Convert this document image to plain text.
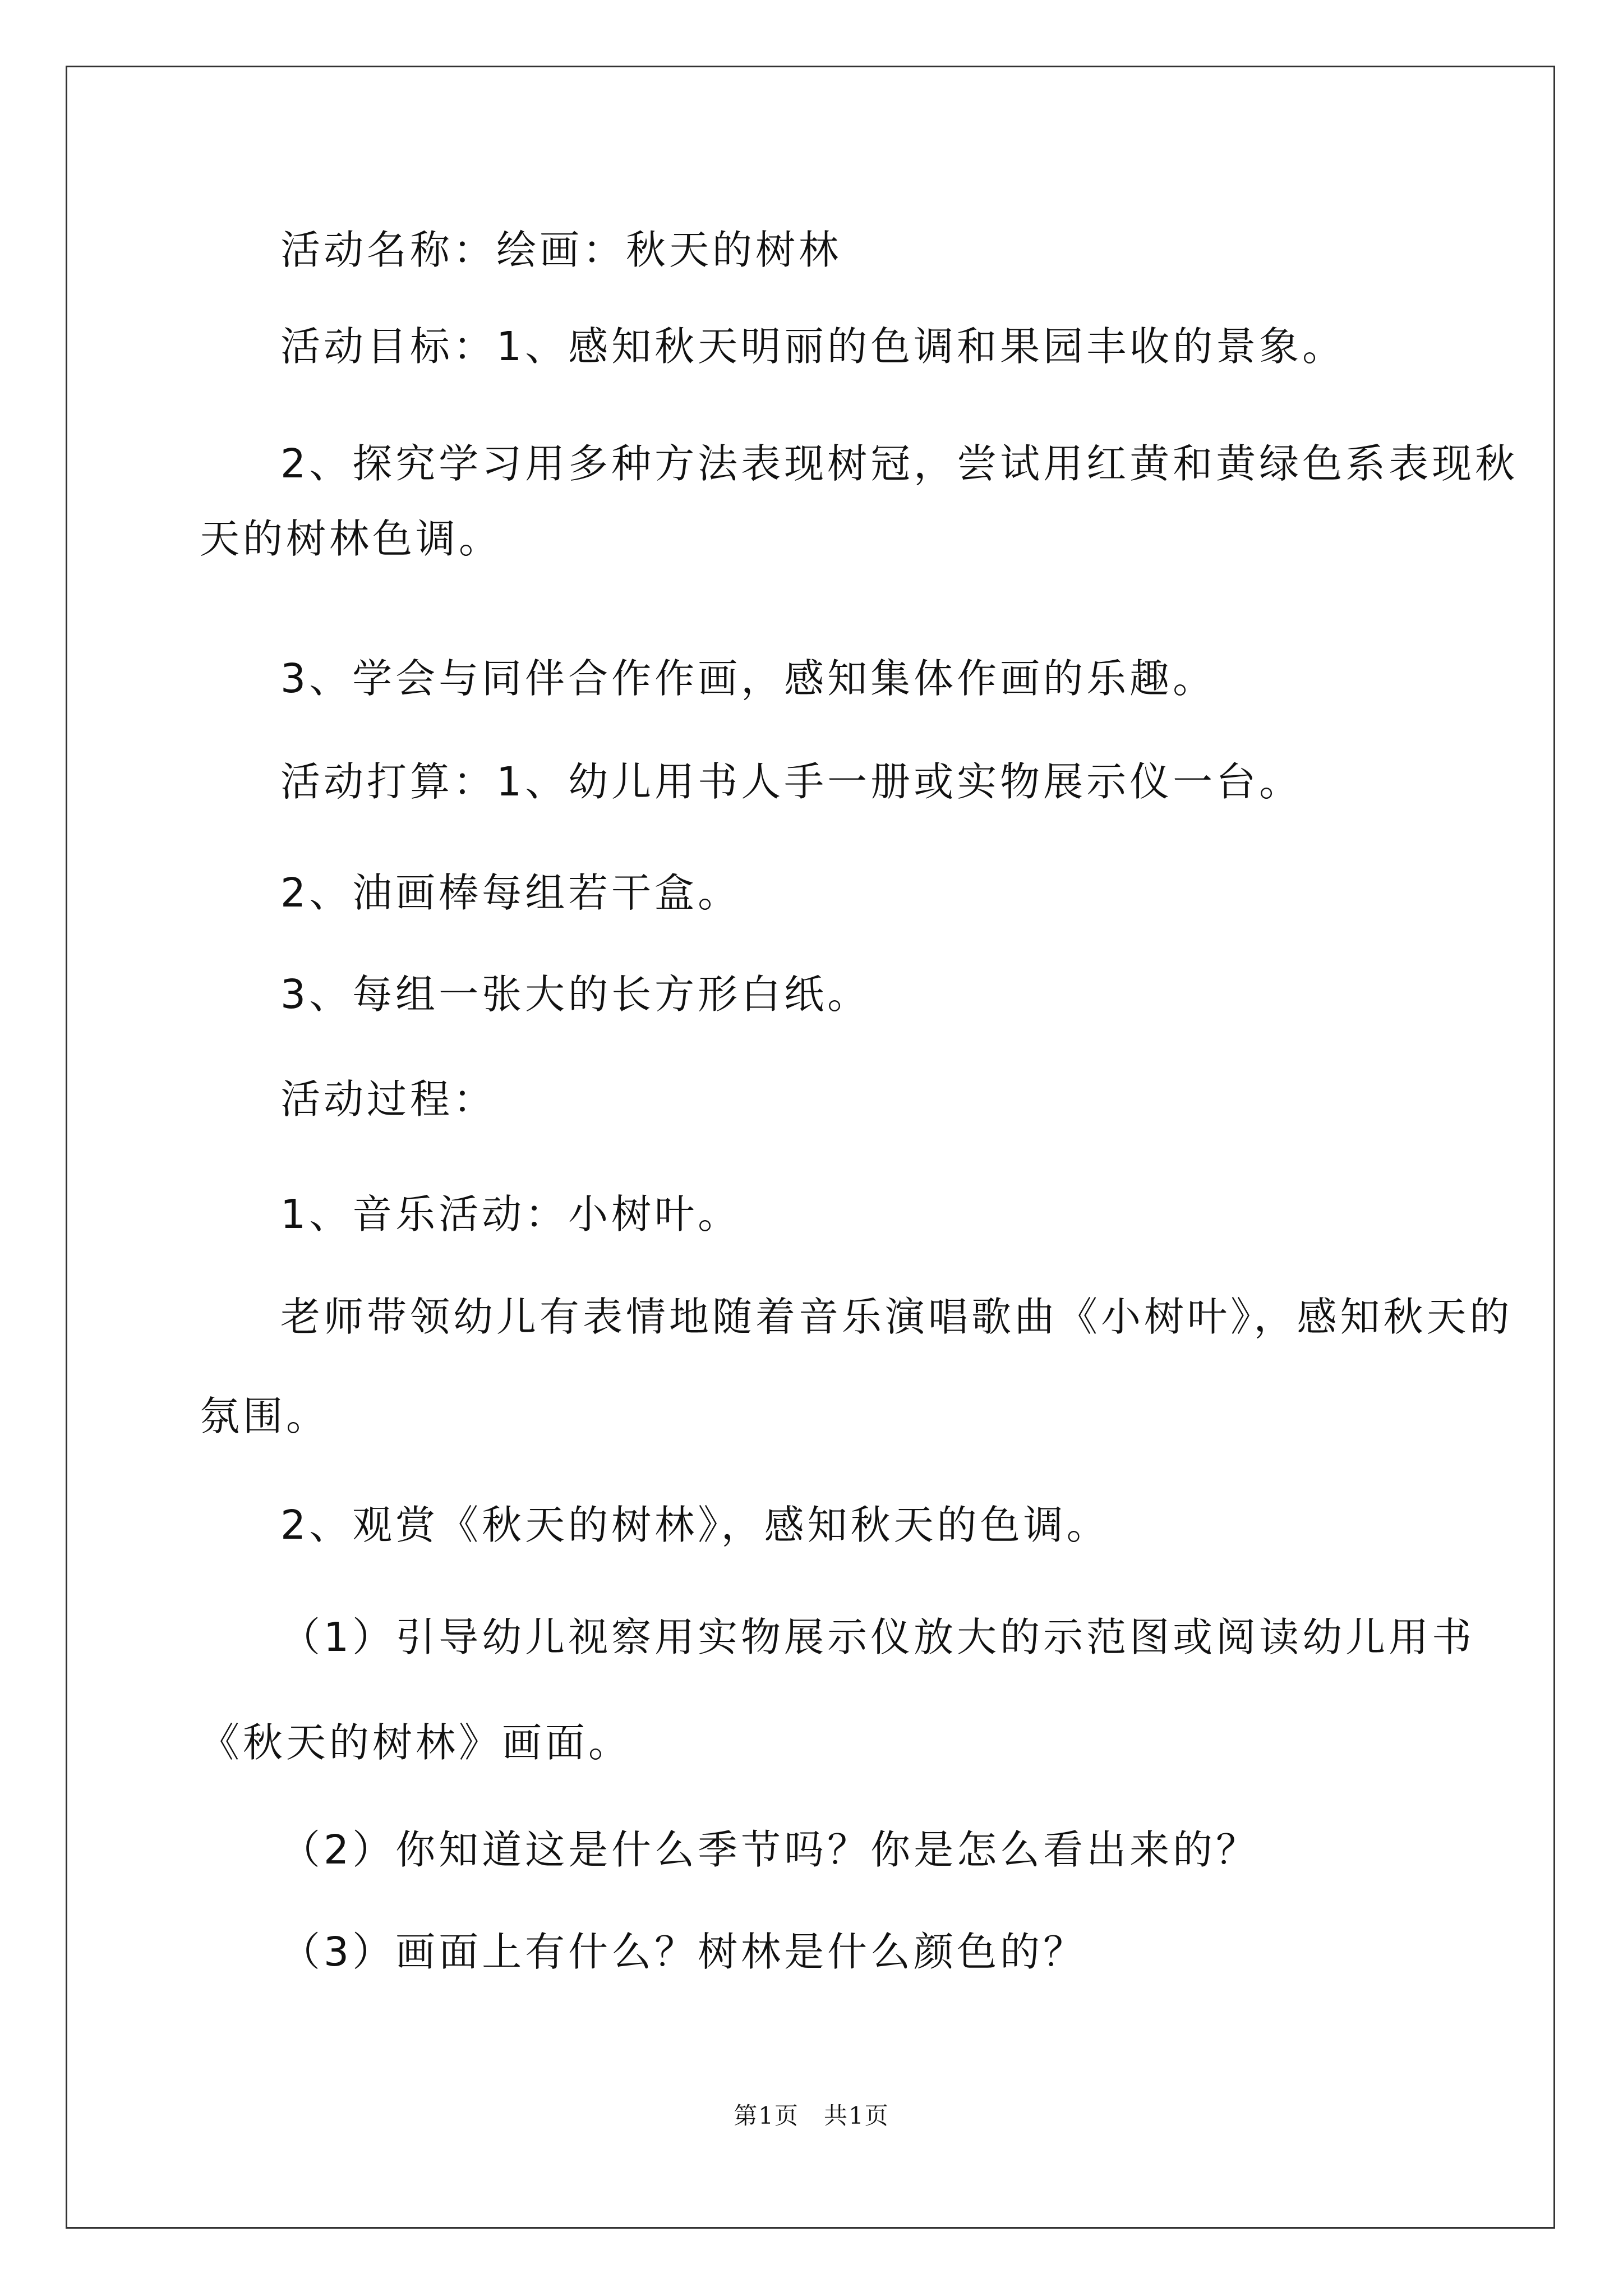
活动名称：绘画：秋天的树林
活动目标：1、感知秋天明丽的色调和果园丰收的景象。
2、探究学习用多种方法表现树冠，尝试用红黄和黄绿色系表现秋
天的树林色调。
3、学会与同伴合作作画，感知集体作画的乐趣。
活动打算：1、幼儿用书人手一册或实物展示仪一台。
2、油画棒每组若干盒。
3、每组一张大的长方形白纸。
活动过程：
1、音乐活动：小树叶。
老师带领幼儿有表情地随着音乐演唱歌曲《小树叶》，感知秋天的
氛围。
2、观赏《秋天的树林》，感知秋天的色调。
（1）引导幼儿视察用实物展示仪放大的示范图或阅读幼儿用书
《秋天的树林》画面。
（2）你知道这是什么季节吗？你是怎么看出来的？
（3）画面上有什么？树林是什么颜色的？
第1页　共1页
